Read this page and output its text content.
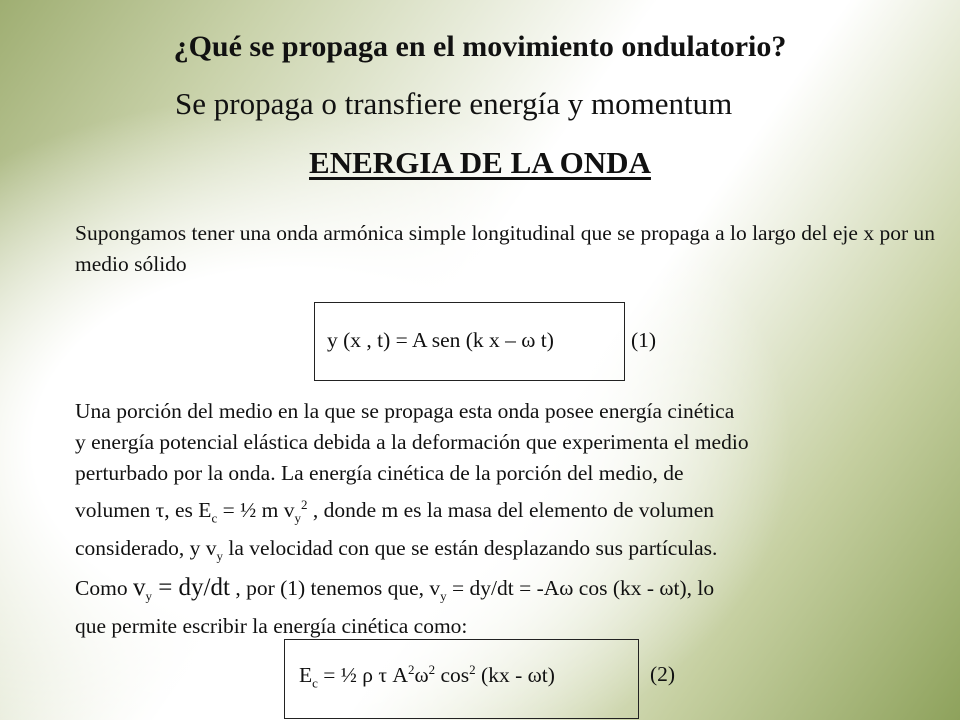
¿Qué se propaga en el movimiento ondulatorio?
Se propaga o transfiere energía y momentum
ENERGIA DE LA ONDA
Supongamos tener una onda armónica simple longitudinal que se propaga a lo largo del eje x por un medio sólido
y (x , t) = A sen (k x – ω t)	(1)
Una porción del medio en la que se propaga esta onda posee energía cinética
y energía potencial elástica debida a la deformación que experimenta el medio
perturbado por la onda. La energía cinética de la porción del medio, de
volumen τ, es $E_c$ = ½ m $v_y^2$ , donde m es la masa del elemento de volumen
considerado, y $v_y$ la velocidad con que se están desplazando sus partículas.
Como $v_y = dy/dt$ , por (1) tenemos que, $v_y = dy/dt = -A\omega$ cos (kx - ωt), lo
que permite escribir la energía cinética como:
$E_c$ = ½ ρ τ $A^2\omega^2$ $\cos^2 (kx - \omega t)$	(2)
